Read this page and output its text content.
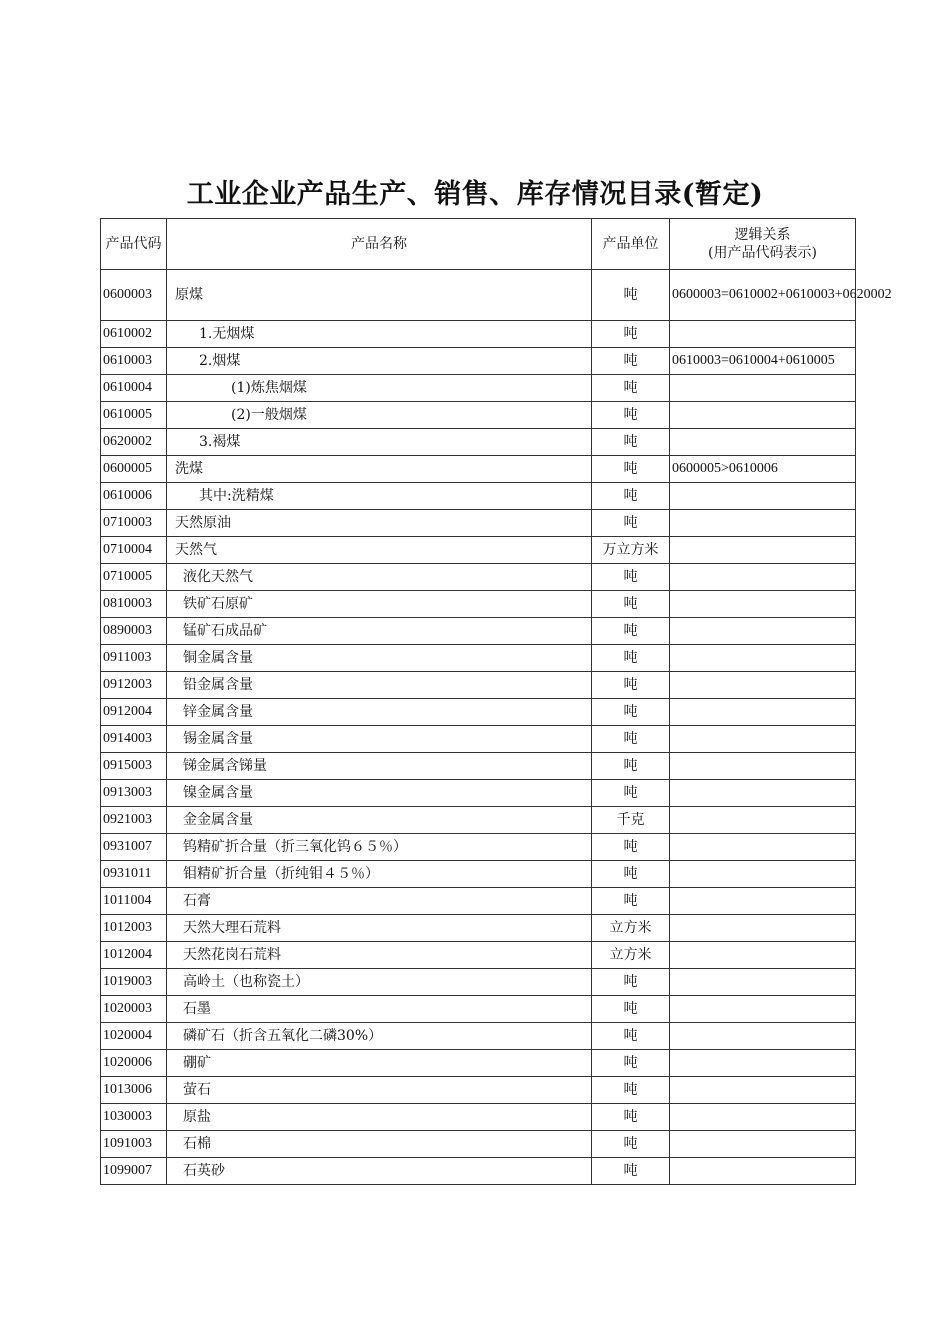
工业企业产品生产、销售、库存情况目录(暂定)
产品代码	产品名称	产品单位	逻辑关系
(用产品代码表示)
0600003	原煤	吨	0600003=0610002+0610003+0620002
0610002	1.无烟煤	吨	
0610003	2.烟煤	吨	0610003=0610004+0610005
0610004	(1)炼焦烟煤	吨	
0610005	(2)一般烟煤	吨	
0620002	3.褐煤	吨	
0600005	洗煤	吨	0600005>0610006
0610006	其中:洗精煤	吨	
0710003	天然原油	吨	
0710004	天然气	万立方米	
0710005	液化天然气	吨	
0810003	铁矿石原矿	吨	
0890003	锰矿石成品矿	吨	
0911003	铜金属含量	吨	
0912003	铅金属含量	吨	
0912004	锌金属含量	吨	
0914003	锡金属含量	吨	
0915003	锑金属含锑量	吨	
0913003	镍金属含量	吨	
0921003	金金属含量	千克	
0931007	钨精矿折合量（折三氧化钨６５％）	吨	
0931011	钼精矿折合量（折纯钼４５％）	吨	
1011004	石膏	吨	
1012003	天然大理石荒料	立方米	
1012004	天然花岗石荒料	立方米	
1019003	高岭土（也称瓷土）	吨	
1020003	石墨	吨	
1020004	磷矿石（折含五氧化二磷30%）	吨	
1020006	硼矿	吨	
1013006	萤石	吨	
1030003	原盐	吨	
1091003	石棉	吨	
1099007	石英砂	吨	
